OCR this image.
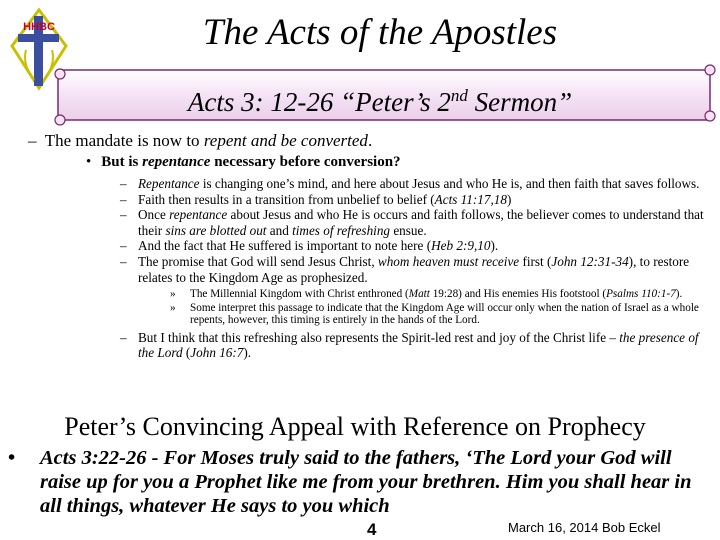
HHBC	The Acts of the Apostles
Acts 3: 12-26 “Peter’s 2nd Sermon”
– The mandate is now to repent and be converted.
• But is repentance necessary before conversion?
– Repentance is changing one’s mind, and here about Jesus and who He is, and then faith that saves follows.
– Faith then results in a transition from unbelief to belief (Acts 11:17,18)
– Once repentance about Jesus and who He is occurs and faith follows, the believer comes to understand that their sins are blotted out and times of refreshing ensue.
– And the fact that He suffered is important to note here (Heb 2:9,10).
– The promise that God will send Jesus Christ, whom heaven must receive first (John 12:31-34), to restore relates to the Kingdom Age as prophesized.
» The Millennial Kingdom with Christ enthroned (Matt 19:28) and His enemies His footstool (Psalms 110:1-7).
» Some interpret this passage to indicate that the Kingdom Age will occur only when the nation of Israel as a whole repents, however, this timing is entirely in the hands of the Lord.
– But I think that this refreshing also represents the Spirit-led rest and joy of the Christ life – the presence of the Lord (John 16:7).
Peter’s Convincing Appeal with Reference on Prophecy
•	Acts 3:22-26 - For Moses truly said to the fathers, ‘The Lord your God will raise up for you a Prophet like me from your brethren. Him you shall hear in all things, whatever He says to you which
4	March 16, 2014 Bob Eckel
